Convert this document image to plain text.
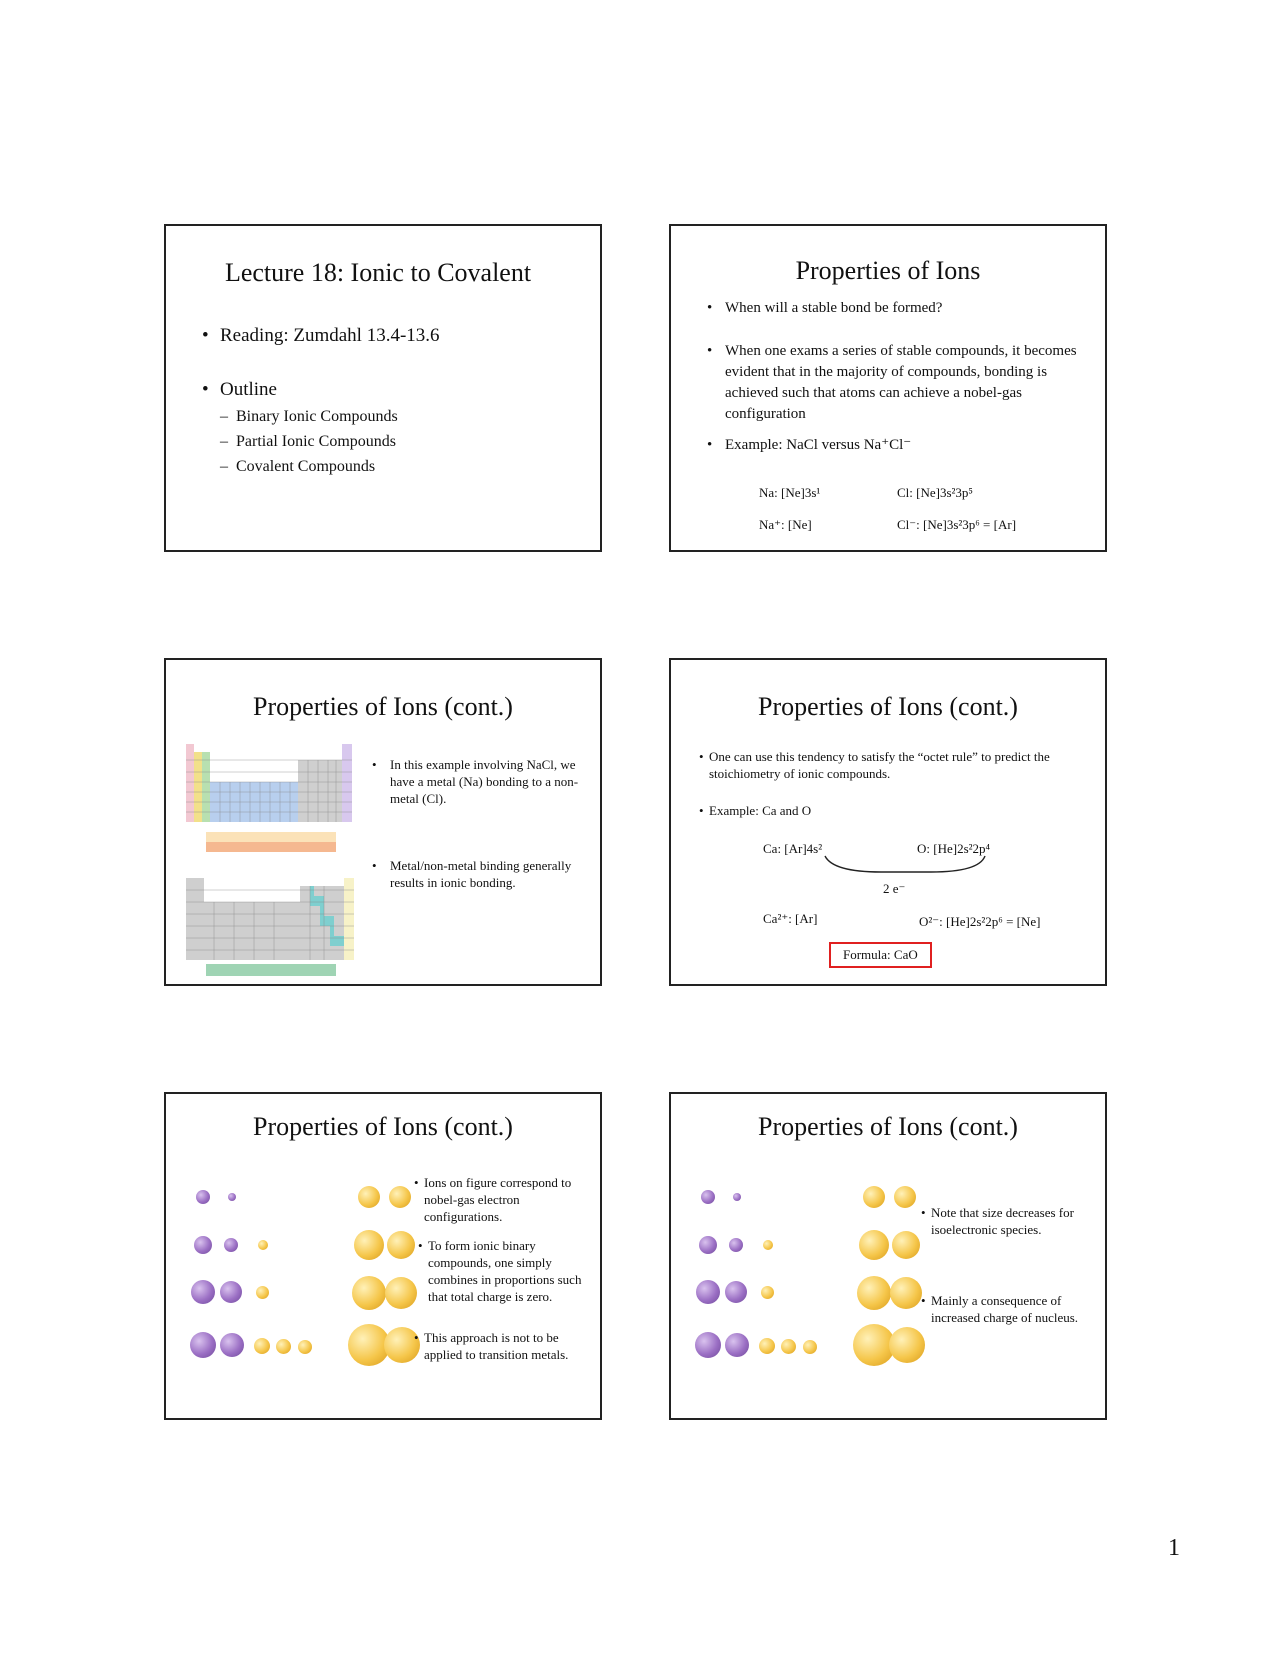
Lecture 18: Ionic to Covalent
• Reading: Zumdahl 13.4-13.6
• Outline
– Binary Ionic Compounds
– Partial Ionic Compounds
– Covalent Compounds
Properties of Ions
• When will a stable bond be formed?
• When one exams a series of stable compounds, it becomes evident that in the majority of compounds, bonding is achieved such that atoms can achieve a nobel-gas configuration
• Example: NaCl versus Na⁺Cl⁻
Na: [Ne]3s¹	Cl: [Ne]3s²3p⁵
Na⁺: [Ne]	Cl⁻: [Ne]3s²3p⁶ = [Ar]
Properties of Ions (cont.)
• In this example involving NaCl, we have a metal (Na) bonding to a non-metal (Cl).
• Metal/non-metal binding generally results in ionic bonding.
Properties of Ions (cont.)
• One can use this tendency to satisfy the “octet rule” to predict the stoichiometry of ionic compounds.
• Example: Ca and O
Ca: [Ar]4s²	O: [He]2s²2p⁴
2 e⁻
Ca²⁺: [Ar]	O²⁻: [He]2s²2p⁶ = [Ne]
Formula: CaO
Properties of Ions (cont.)
• Ions on figure correspond to nobel-gas electron configurations.
• To form ionic binary compounds, one simply combines in proportions such that total charge is zero.
• This approach is not to be applied to transition metals.
Properties of Ions (cont.)
• Note that size decreases for isoelectronic species.
• Mainly a consequence of increased charge of nucleus.
1
